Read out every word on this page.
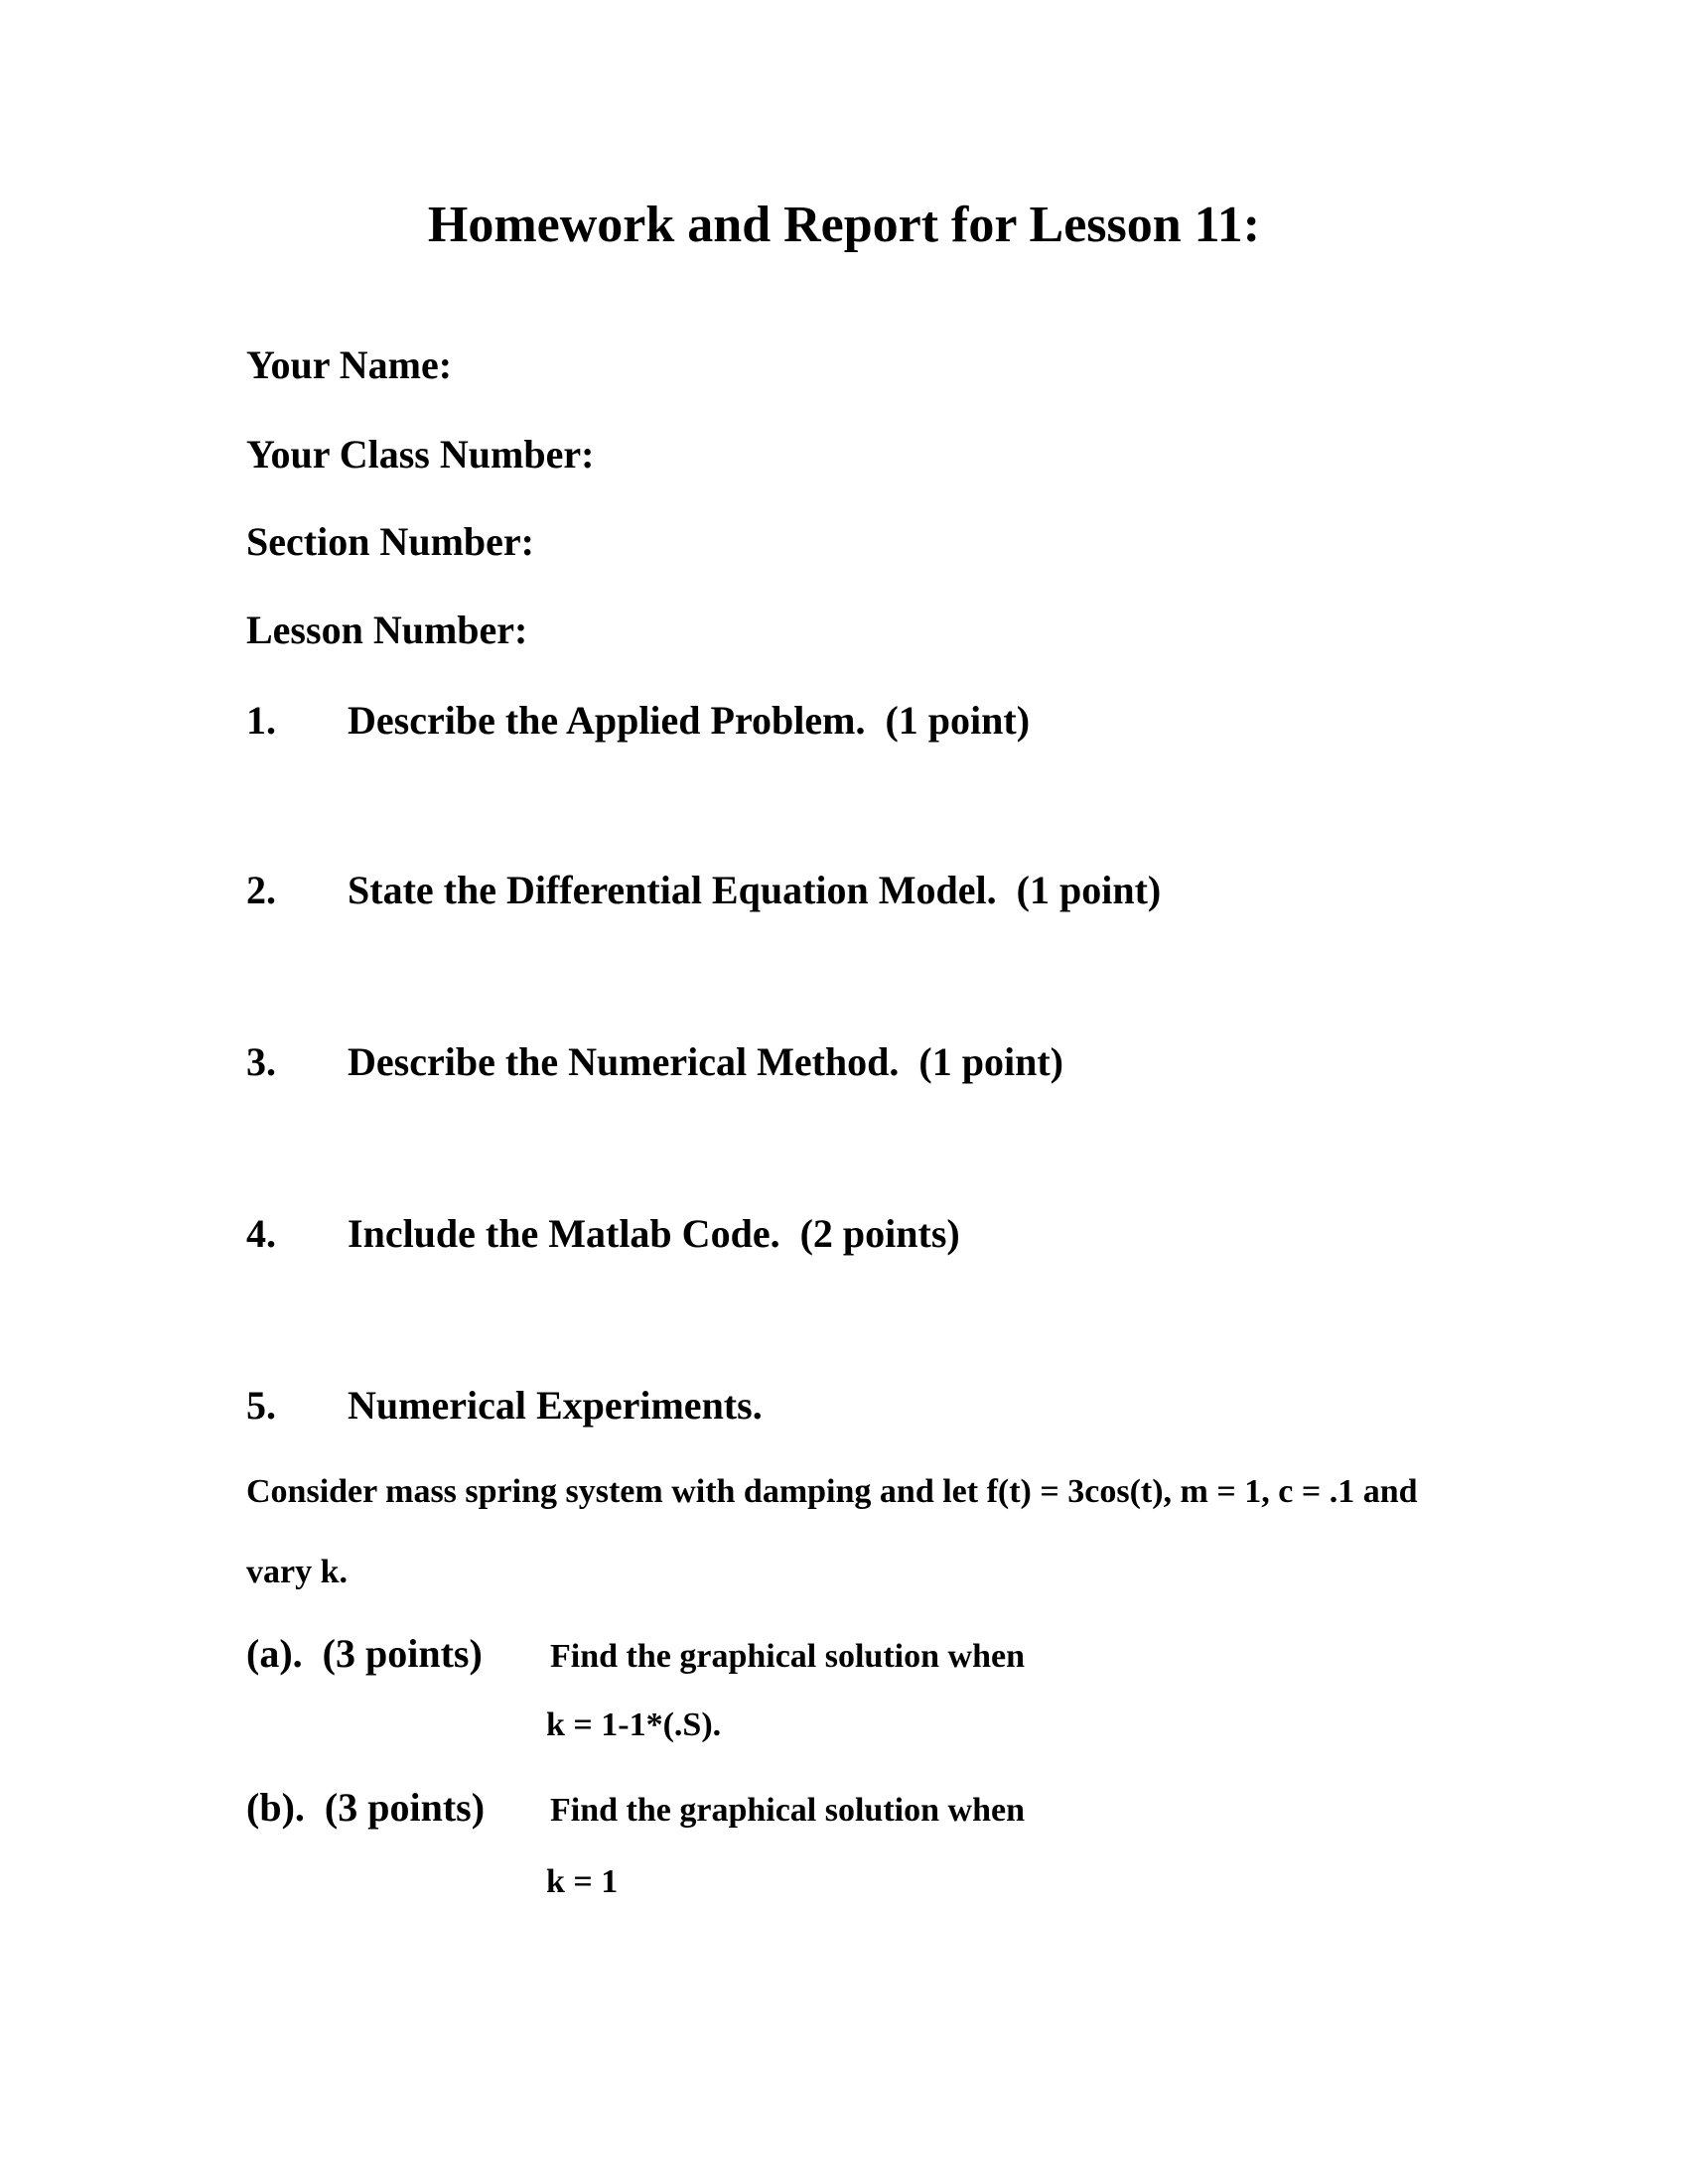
Homework and Report for Lesson 11:
Your Name:
Your Class Number:
Section Number:
Lesson Number:
1. Describe the Applied Problem.  (1 point)
2. State the Differential Equation Model.  (1 point)
3. Describe the Numerical Method.  (1 point)
4. Include the Matlab Code.  (2 points)
5. Numerical Experiments.
Consider mass spring system with damping and let f(t) = 3cos(t), m = 1, c = .1 and
vary k.
(a).  (3 points) Find the graphical solution when
k = 1-1*(.S).
(b).  (3 points) Find the graphical solution when
k = 1
